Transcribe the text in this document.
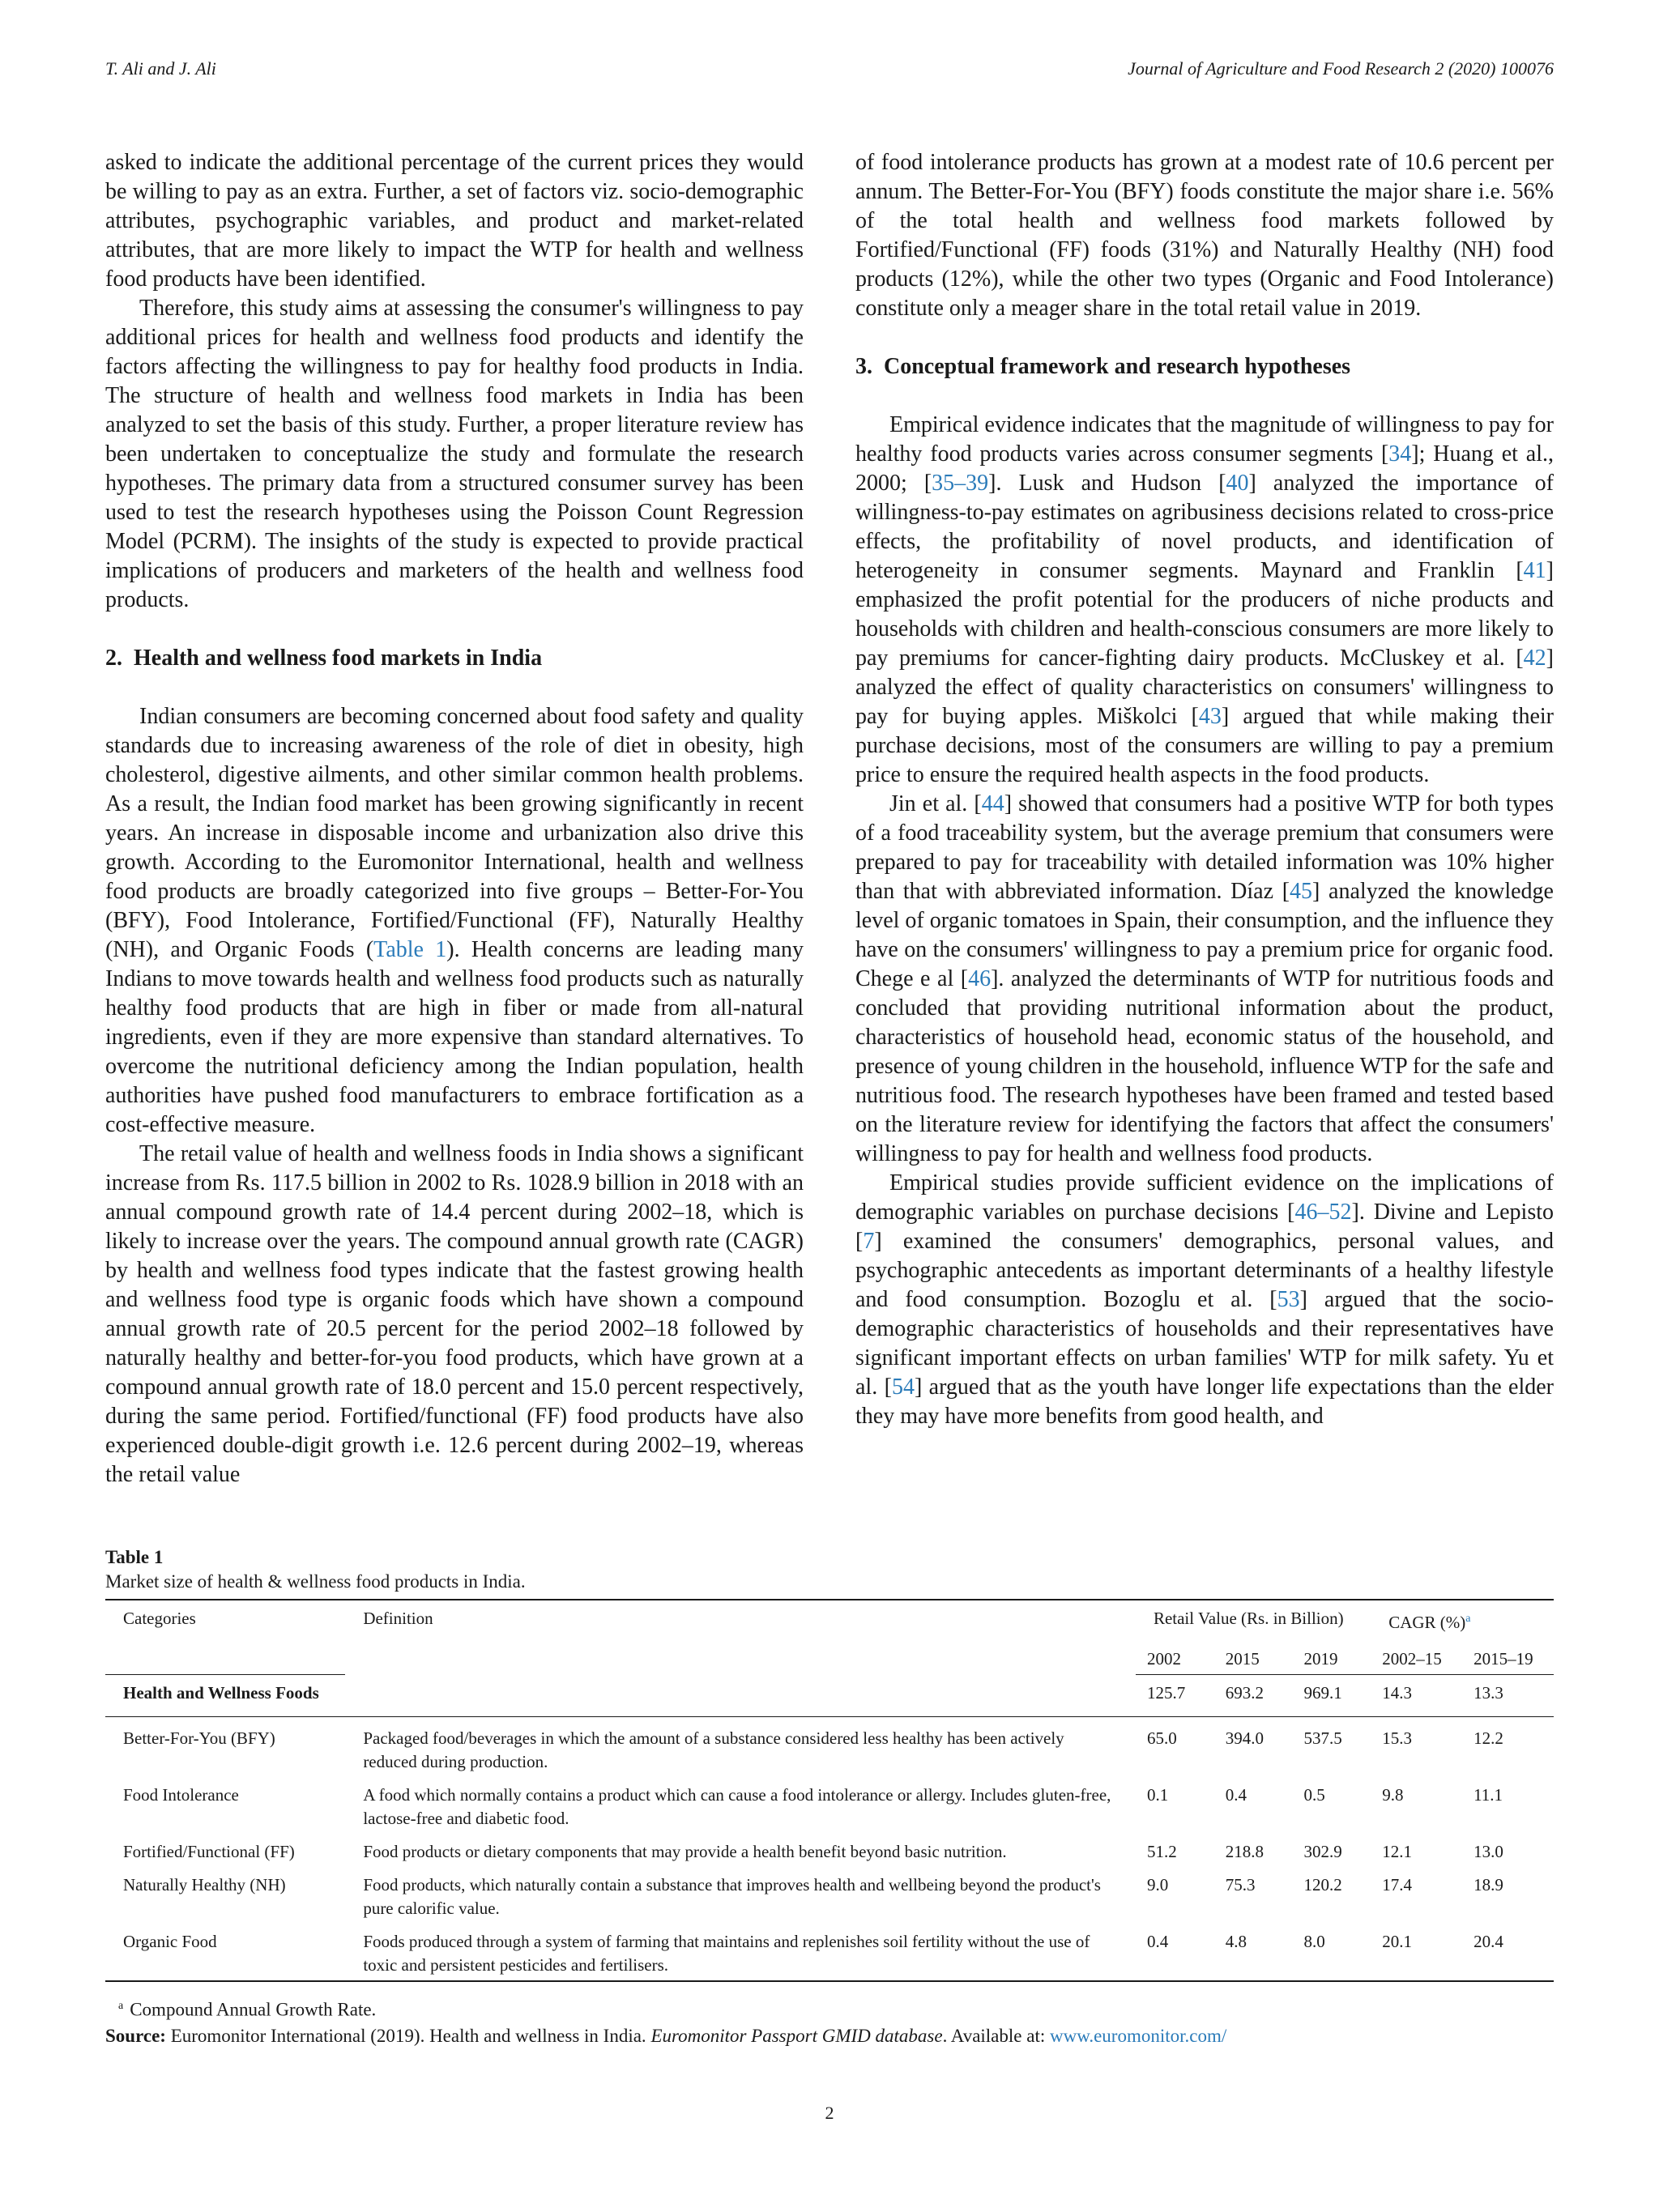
T. Ali and J. Ali	Journal of Agriculture and Food Research 2 (2020) 100076

asked to indicate the additional percentage of the current prices they would be willing to pay as an extra. Further, a set of factors viz. socio-demographic attributes, psychographic variables, and product and market-related attributes, that are more likely to impact the WTP for health and wellness food products have been identified.

Therefore, this study aims at assessing the consumer's willingness to pay additional prices for health and wellness food products and identify the factors affecting the willingness to pay for healthy food products in India. The structure of health and wellness food markets in India has been analyzed to set the basis of this study. Further, a proper literature review has been undertaken to conceptualize the study and formulate the research hypotheses. The primary data from a structured consumer survey has been used to test the research hypotheses using the Poisson Count Regression Model (PCRM). The insights of the study is expected to provide practical implications of producers and marketers of the health and wellness food products.

2. Health and wellness food markets in India

Indian consumers are becoming concerned about food safety and quality standards due to increasing awareness of the role of diet in obesity, high cholesterol, digestive ailments, and other similar common health problems. As a result, the Indian food market has been growing significantly in recent years. An increase in disposable income and urbanization also drive this growth. According to the Euromonitor International, health and wellness food products are broadly categorized into five groups – Better-For-You (BFY), Food Intolerance, Fortified/Functional (FF), Naturally Healthy (NH), and Organic Foods (Table 1). Health concerns are leading many Indians to move towards health and wellness food products such as naturally healthy food products that are high in fiber or made from all-natural ingredients, even if they are more expensive than standard alternatives. To overcome the nutritional deficiency among the Indian population, health authorities have pushed food manufacturers to embrace fortification as a cost-effective measure.

The retail value of health and wellness foods in India shows a significant increase from Rs. 117.5 billion in 2002 to Rs. 1028.9 billion in 2018 with an annual compound growth rate of 14.4 percent during 2002–18, which is likely to increase over the years. The compound annual growth rate (CAGR) by health and wellness food types indicate that the fastest growing health and wellness food type is organic foods which have shown a compound annual growth rate of 20.5 percent for the period 2002–18 followed by naturally healthy and better-for-you food products, which have grown at a compound annual growth rate of 18.0 percent and 15.0 percent respectively, during the same period. Fortified/functional (FF) food products have also experienced double-digit growth i.e. 12.6 percent during 2002–19, whereas the retail value

of food intolerance products has grown at a modest rate of 10.6 percent per annum. The Better-For-You (BFY) foods constitute the major share i.e. 56% of the total health and wellness food markets followed by Fortified/Functional (FF) foods (31%) and Naturally Healthy (NH) food products (12%), while the other two types (Organic and Food Intolerance) constitute only a meager share in the total retail value in 2019.

3. Conceptual framework and research hypotheses

Empirical evidence indicates that the magnitude of willingness to pay for healthy food products varies across consumer segments [34]; Huang et al., 2000; [35–39]. Lusk and Hudson [40] analyzed the importance of willingness-to-pay estimates on agribusiness decisions related to cross-price effects, the profitability of novel products, and identification of heterogeneity in consumer segments. Maynard and Franklin [41] emphasized the profit potential for the producers of niche products and households with children and health-conscious consumers are more likely to pay premiums for cancer-fighting dairy products. McCluskey et al. [42] analyzed the effect of quality characteristics on consumers' willingness to pay for buying apples. Miškolci [43] argued that while making their purchase decisions, most of the consumers are willing to pay a premium price to ensure the required health aspects in the food products.

Jin et al. [44] showed that consumers had a positive WTP for both types of a food traceability system, but the average premium that consumers were prepared to pay for traceability with detailed information was 10% higher than that with abbreviated information. Díaz [45] analyzed the knowledge level of organic tomatoes in Spain, their consumption, and the influence they have on the consumers' willingness to pay a premium price for organic food. Chege e al [46]. analyzed the determinants of WTP for nutritious foods and concluded that providing nutritional information about the product, characteristics of household head, economic status of the household, and presence of young children in the household, influence WTP for the safe and nutritious food. The research hypotheses have been framed and tested based on the literature review for identifying the factors that affect the consumers' willingness to pay for health and wellness food products.

Empirical studies provide sufficient evidence on the implications of demographic variables on purchase decisions [46–52]. Divine and Lepisto [7] examined the consumers' demographics, personal values, and psychographic antecedents as important determinants of a healthy lifestyle and food consumption. Bozoglu et al. [53] argued that the socio-demographic characteristics of households and their representatives have significant important effects on urban families' WTP for milk safety. Yu et al. [54] argued that as the youth have longer life expectations than the elder they may have more benefits from good health, and

Table 1
Market size of health & wellness food products in India.
Categories	Definition	Retail Value (Rs. in Billion)			CAGR (%)$^a$
		2002	2015	2019	2002–15	2015–19
Health and Wellness Foods		125.7	693.2	969.1	14.3	13.3
Better-For-You (BFY)	Packaged food/beverages in which the amount of a substance considered less healthy has been actively reduced during production.	65.0	394.0	537.5	15.3	12.2
Food Intolerance	A food which normally contains a product which can cause a food intolerance or allergy. Includes gluten-free, lactose-free and diabetic food.	0.1	0.4	0.5	9.8	11.1
Fortified/Functional (FF)	Food products or dietary components that may provide a health benefit beyond basic nutrition.	51.2	218.8	302.9	12.1	13.0
Naturally Healthy (NH)	Food products, which naturally contain a substance that improves health and wellbeing beyond the product's pure calorific value.	9.0	75.3	120.2	17.4	18.9
Organic Food	Foods produced through a system of farming that maintains and replenishes soil fertility without the use of toxic and persistent pesticides and fertilisers.	0.4	4.8	8.0	20.1	20.4
$^a$ Compound Annual Growth Rate.
Source: Euromonitor International (2019). Health and wellness in India. Euromonitor Passport GMID database. Available at: www.euromonitor.com/
2
